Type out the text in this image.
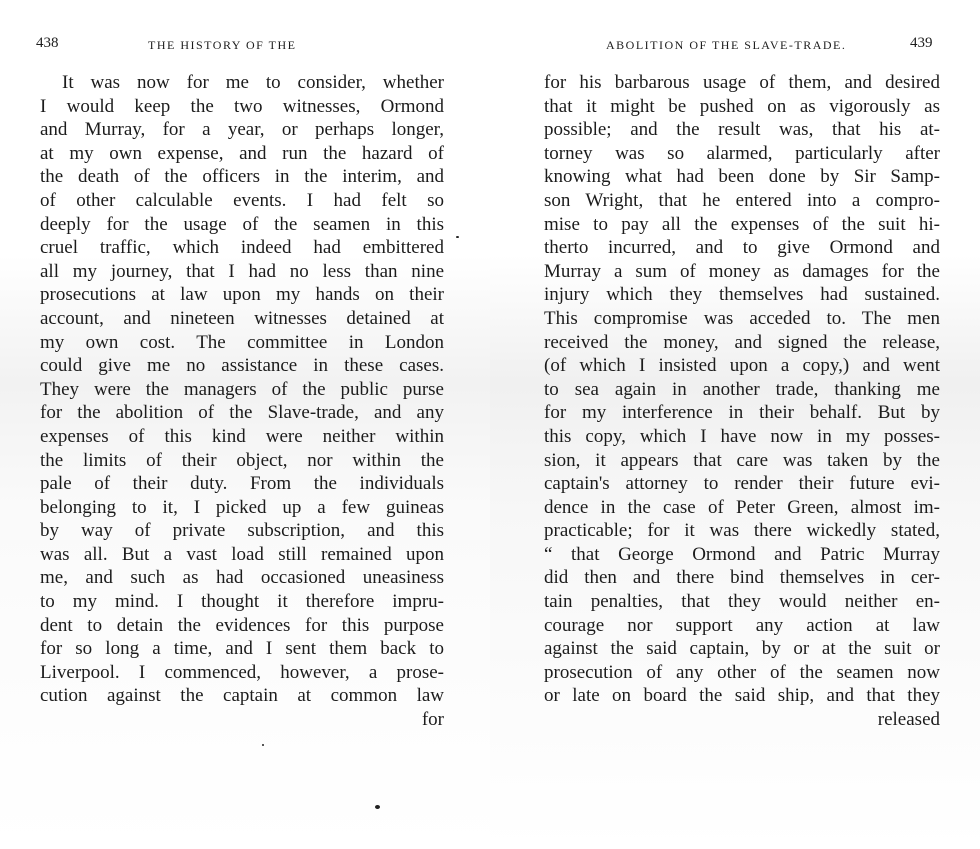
438	THE HISTORY OF THE
It was now for me to consider, whether
I would keep the two witnesses, Ormond
and Murray, for a year, or perhaps longer,
at my own expense, and run the hazard of
the death of the officers in the interim, and
of other calculable events. I had felt so
deeply for the usage of the seamen in this
cruel traffic, which indeed had embittered
all my journey, that I had no less than nine
prosecutions at law upon my hands on their
account, and nineteen witnesses detained at
my own cost. The committee in London
could give me no assistance in these cases.
They were the managers of the public purse
for the abolition of the Slave-trade, and any
expenses of this kind were neither within
the limits of their object, nor within the
pale of their duty. From the individuals
belonging to it, I picked up a few guineas
by way of private subscription, and this
was all. But a vast load still remained upon
me, and such as had occasioned uneasiness
to my mind. I thought it therefore impru-
dent to detain the evidences for this purpose
for so long a time, and I sent them back to
Liverpool. I commenced, however, a prose-
cution against the captain at common law
for
ABOLITION OF THE SLAVE-TRADE.	439
for his barbarous usage of them, and desired
that it might be pushed on as vigorously as
possible; and the result was, that his at-
torney was so alarmed, particularly after
knowing what had been done by Sir Samp-
son Wright, that he entered into a compro-
mise to pay all the expenses of the suit hi-
therto incurred, and to give Ormond and
Murray a sum of money as damages for the
injury which they themselves had sustained.
This compromise was acceded to. The men
received the money, and signed the release,
(of which I insisted upon a copy,) and went
to sea again in another trade, thanking me
for my interference in their behalf. But by
this copy, which I have now in my posses-
sion, it appears that care was taken by the
captain's attorney to render their future evi-
dence in the case of Peter Green, almost im-
practicable; for it was there wickedly stated,
“ that George Ormond and Patric Murray
did then and there bind themselves in cer-
tain penalties, that they would neither en-
courage nor support any action at law
against the said captain, by or at the suit or
prosecution of any other of the seamen now
or late on board the said ship, and that they
released
